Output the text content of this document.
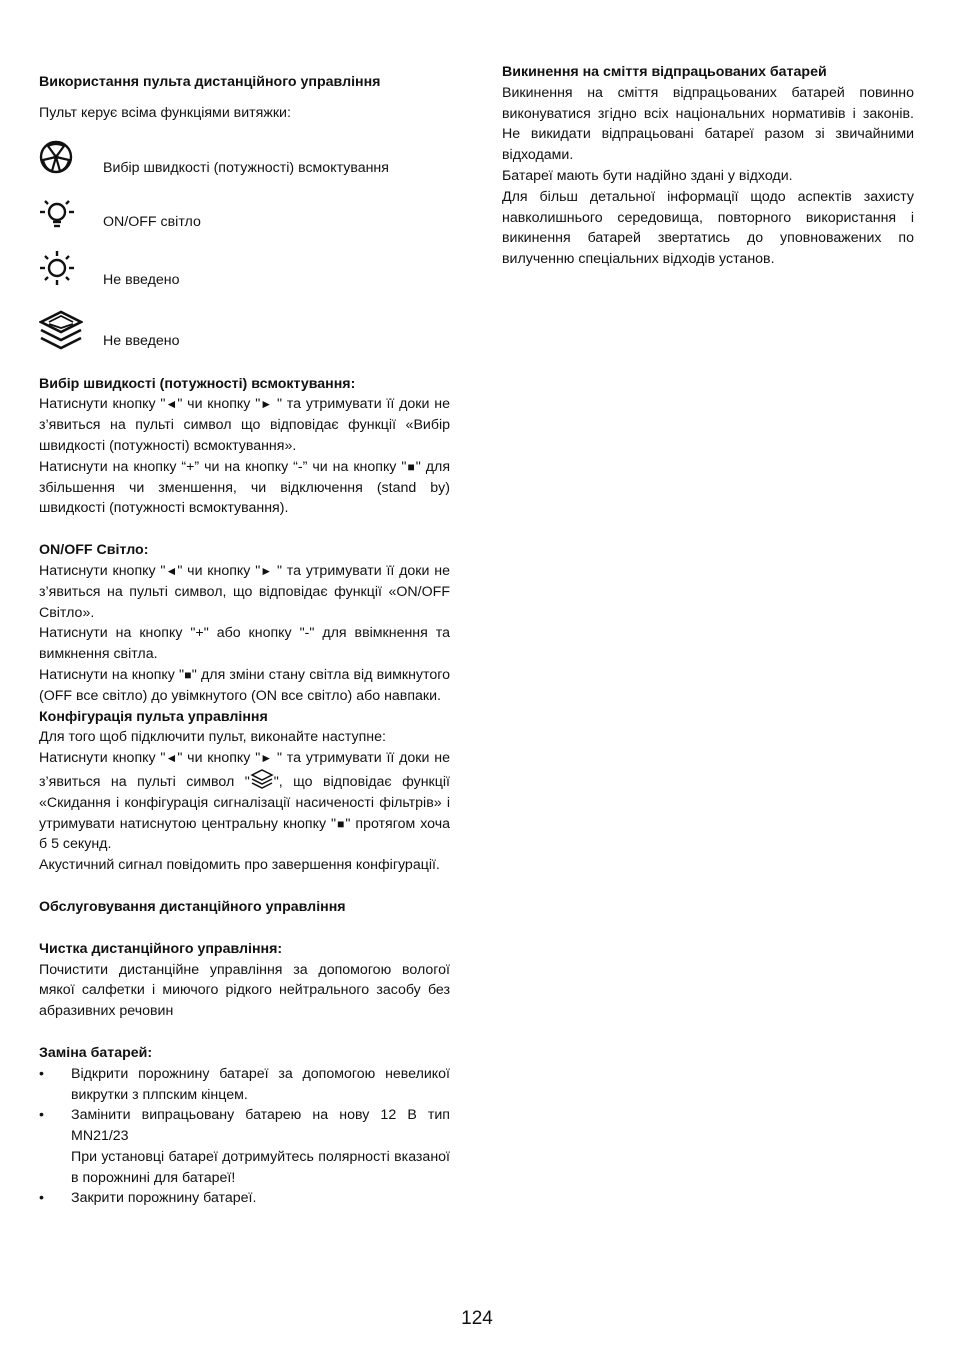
Використання пульта дистанційного управління

Пульт керує всіма функціями витяжки:

Вибір швидкості (потужності) всмоктування
ON/OFF світло
Не введено
Не введено

Вибір швидкості (потужності) всмоктування:

Натиснути кнопку "◄" чи кнопку "► " та утримувати її доки не з’явиться на пульті символ що відповідає функції «Вибір швидкості (потужності) всмоктування».

Натиснути на кнопку “+” чи на кнопку “-” чи на кнопку "■" для збільшення чи зменшення, чи відключення (stand by) швидкості (потужності всмоктування).

ON/OFF Світло:

Натиснути кнопку "◄" чи кнопку "► " та утримувати її доки не з’явиться на пульті символ, що відповідає функції «ON/OFF Світло».

Натиснути на кнопку "+" або кнопку "-" для ввімкнення та вимкнення світла.

Натиснути на кнопку "■" для зміни стану світла від вимкнутого (OFF все світло) до увімкнутого (ON все світло) або навпаки.

Конфігурація пульта управління

Для того щоб підключити пульт, виконайте наступне:

Натиснути кнопку "◄" чи кнопку "► " та утримувати її доки не з’явиться на пульті символ " ", що відповідає функції «Скидання і конфігурація сигналізації насиченості фільтрів» і утримувати натиснутою центральну кнопку "■" протягом хоча б 5 секунд.

Акустичний сигнал повідомить про завершення конфігурації.

Обслуговування дистанційного управління

Чистка дистанційного управління:

Почистити дистанційне управління за допомогою вологої мякої салфетки і миючого рідкого нейтрального засобу без абразивних речовин

Заміна батарей:

• Відкрити порожнину батареї за допомогою невеликої викрутки з плпским кінцем.
• Замінити випрацьовану батарею на нову 12 В тип MN21/23
При установці батареї дотримуйтесь полярності вказаної в порожнині для батареї!
• Закрити порожнину батареї.

Викинення на сміття відпрацьованих батарей

Викинення на сміття відпрацьованих батарей повинно виконуватися згідно всіх національних нормативів і законів. Не викидати відпрацьовані батареї разом зі звичайними відходами.

Батареї мають бути надійно здані у відходи.

Для більш детальної інформації щодо аспектів захисту навколишнього середовища, повторного використання і викинення батарей звертатись до уповноважених по вилученню спеціальних відходів установ.

124
